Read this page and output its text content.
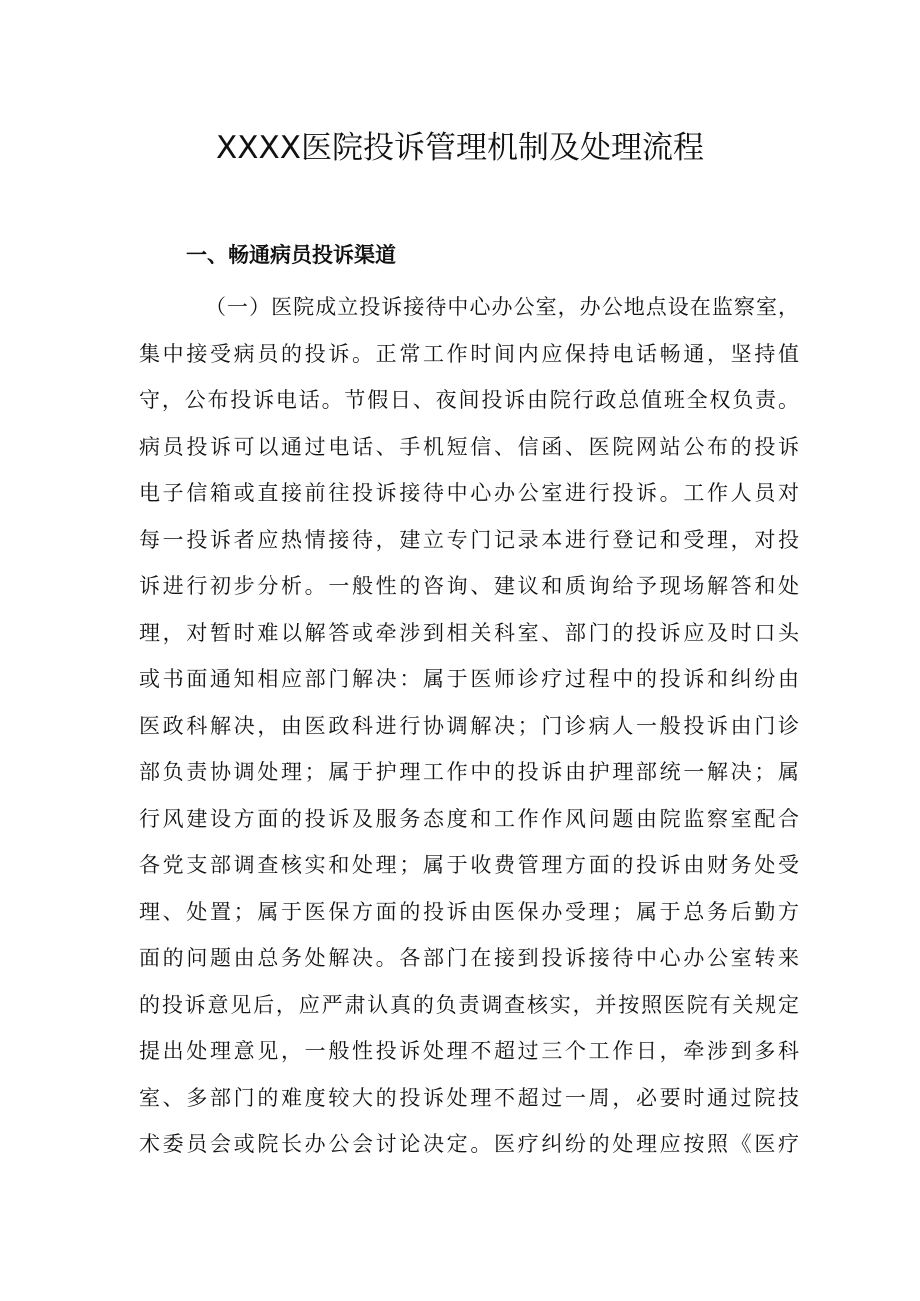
XXXX医院投诉管理机制及处理流程
一、畅通病员投诉渠道
（一）医院成立投诉接待中心办公室，办公地点设在监察室，
集中接受病员的投诉。正常工作时间内应保持电话畅通，坚持值
守，公布投诉电话。节假日、夜间投诉由院行政总值班全权负责。
病员投诉可以通过电话、手机短信、信函、医院网站公布的投诉
电子信箱或直接前往投诉接待中心办公室进行投诉。工作人员对
每一投诉者应热情接待，建立专门记录本进行登记和受理，对投
诉进行初步分析。一般性的咨询、建议和质询给予现场解答和处
理，对暂时难以解答或牵涉到相关科室、部门的投诉应及时口头
或书面通知相应部门解决：属于医师诊疗过程中的投诉和纠纷由
医政科解决，由医政科进行协调解决；门诊病人一般投诉由门诊
部负责协调处理；属于护理工作中的投诉由护理部统一解决；属
行风建设方面的投诉及服务态度和工作作风问题由院监察室配合
各党支部调查核实和处理；属于收费管理方面的投诉由财务处受
理、处置；属于医保方面的投诉由医保办受理；属于总务后勤方
面的问题由总务处解决。各部门在接到投诉接待中心办公室转来
的投诉意见后，应严肃认真的负责调查核实，并按照医院有关规定
提出处理意见，一般性投诉处理不超过三个工作日，牵涉到多科
室、多部门的难度较大的投诉处理不超过一周，必要时通过院技
术委员会或院长办公会讨论决定。医疗纠纷的处理应按照《医疗
